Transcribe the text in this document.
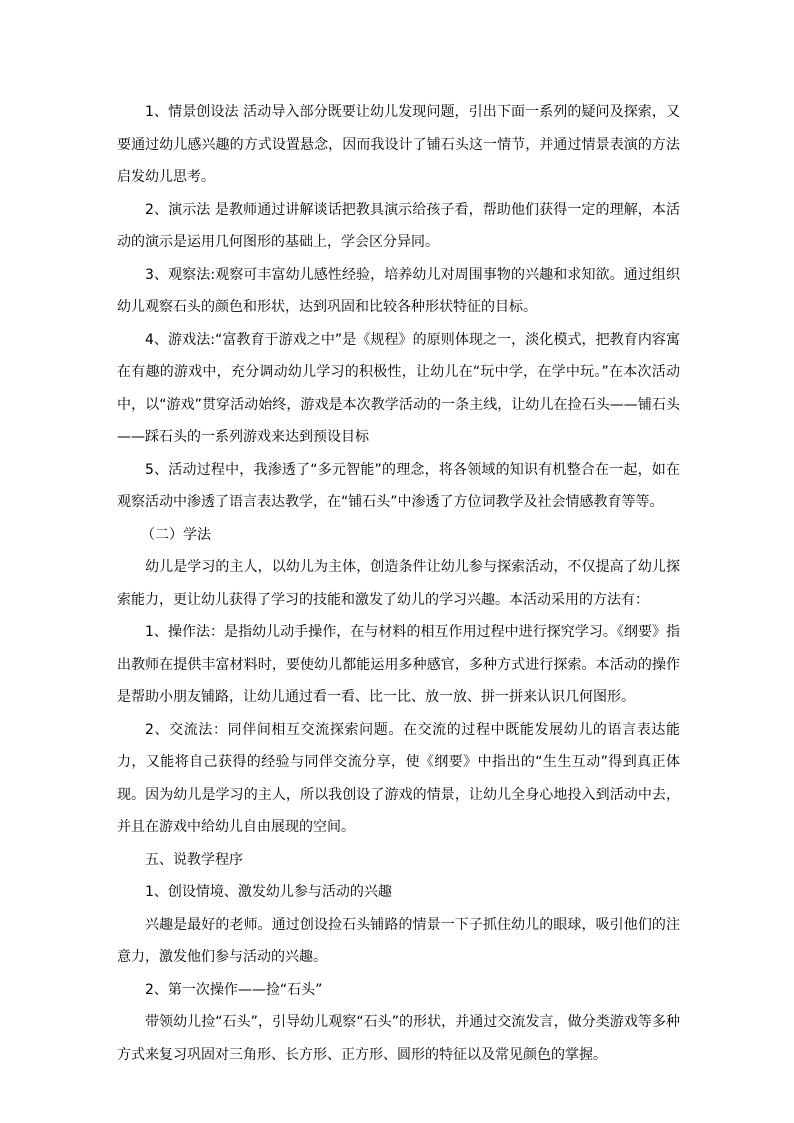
1、情景创设法 活动导入部分既要让幼儿发现问题，引出下面一系列的疑问及探索，又要通过幼儿感兴趣的方式设置悬念，因而我设计了铺石头这一情节，并通过情景表演的方法启发幼儿思考。

2、演示法 是教师通过讲解谈话把教具演示给孩子看，帮助他们获得一定的理解，本活动的演示是运用几何图形的基础上，学会区分异同。

3、观察法:观察可丰富幼儿感性经验，培养幼儿对周围事物的兴趣和求知欲。通过组织幼儿观察石头的颜色和形状，达到巩固和比较各种形状特征的目标。

4、游戏法:“富教育于游戏之中”是《规程》的原则体现之一，淡化模式，把教育内容寓在有趣的游戏中，充分调动幼儿学习的积极性，让幼儿在“玩中学，在学中玩。”在本次活动中，以“游戏”贯穿活动始终，游戏是本次教学活动的一条主线，让幼儿在捡石头——铺石头——踩石头的一系列游戏来达到预设目标

5、活动过程中，我渗透了“多元智能”的理念，将各领域的知识有机整合在一起，如在观察活动中渗透了语言表达教学，在“铺石头”中渗透了方位词教学及社会情感教育等等。

（二）学法

幼儿是学习的主人，以幼儿为主体，创造条件让幼儿参与探索活动，不仅提高了幼儿探索能力，更让幼儿获得了学习的技能和激发了幼儿的学习兴趣。本活动采用的方法有：

1、操作法：是指幼儿动手操作，在与材料的相互作用过程中进行探究学习。《纲要》指出教师在提供丰富材料时，要使幼儿都能运用多种感官，多种方式进行探索。本活动的操作是帮助小朋友铺路，让幼儿通过看一看、比一比、放一放、拼一拼来认识几何图形。

2、交流法：同伴间相互交流探索问题。在交流的过程中既能发展幼儿的语言表达能力，又能将自己获得的经验与同伴交流分享，使《纲要》中指出的“生生互动”得到真正体现。因为幼儿是学习的主人，所以我创设了游戏的情景，让幼儿全身心地投入到活动中去，并且在游戏中给幼儿自由展现的空间。

五、说教学程序

1、创设情境、激发幼儿参与活动的兴趣

兴趣是最好的老师。通过创设捡石头铺路的情景一下子抓住幼儿的眼球，吸引他们的注意力，激发他们参与活动的兴趣。

2、第一次操作——捡“石头”

带领幼儿捡“石头”，引导幼儿观察“石头”的形状，并通过交流发言，做分类游戏等多种方式来复习巩固对三角形、长方形、正方形、圆形的特征以及常见颜色的掌握。
